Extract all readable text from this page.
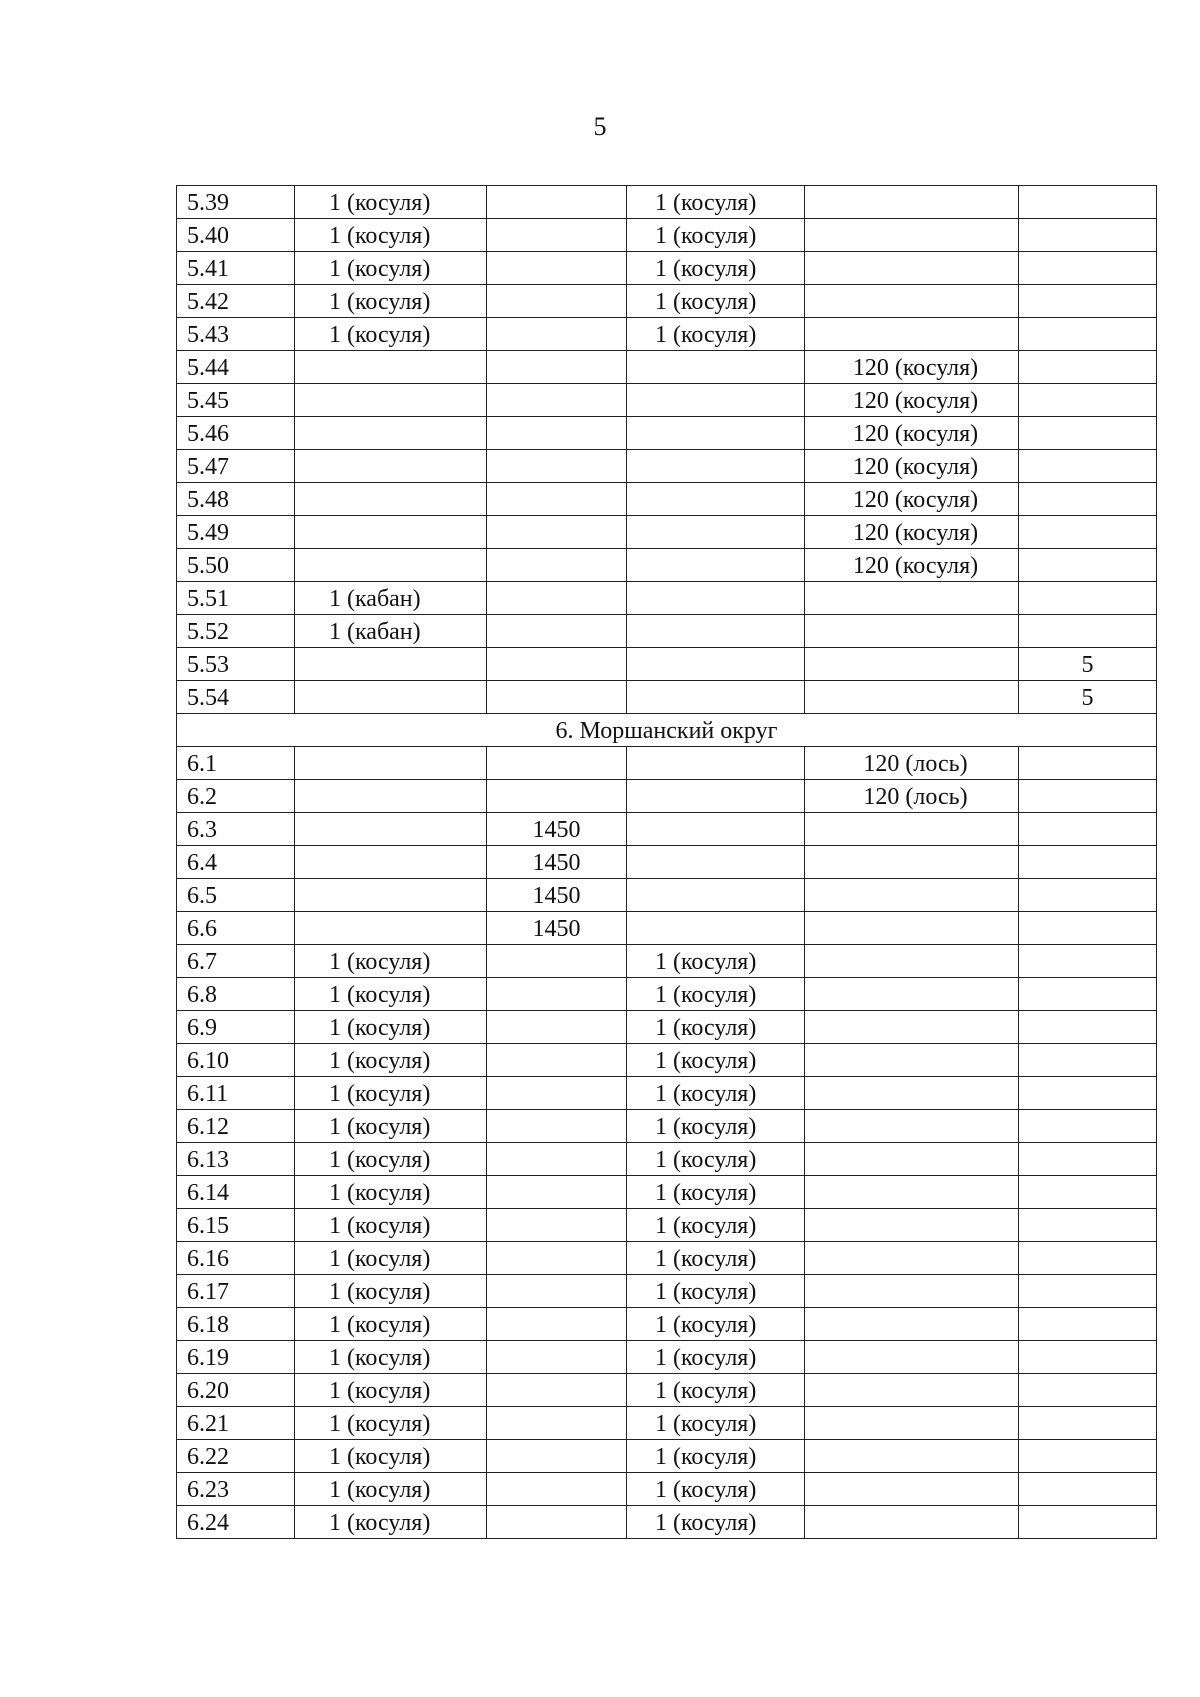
5
5.39	1 (косуля)		1 (косуля)		
5.40	1 (косуля)		1 (косуля)		
5.41	1 (косуля)		1 (косуля)		
5.42	1 (косуля)		1 (косуля)		
5.43	1 (косуля)		1 (косуля)		
5.44				120 (косуля)	
5.45				120 (косуля)	
5.46				120 (косуля)	
5.47				120 (косуля)	
5.48				120 (косуля)	
5.49				120 (косуля)	
5.50				120 (косуля)	
5.51	1 (кабан)				
5.52	1 (кабан)				
5.53					5
5.54					5
6. Моршанский округ					
6.1				120 (лось)	
6.2				120 (лось)	
6.3		1450			
6.4		1450			
6.5		1450			
6.6		1450			
6.7	1 (косуля)		1 (косуля)		
6.8	1 (косуля)		1 (косуля)		
6.9	1 (косуля)		1 (косуля)		
6.10	1 (косуля)		1 (косуля)		
6.11	1 (косуля)		1 (косуля)		
6.12	1 (косуля)		1 (косуля)		
6.13	1 (косуля)		1 (косуля)		
6.14	1 (косуля)		1 (косуля)		
6.15	1 (косуля)		1 (косуля)		
6.16	1 (косуля)		1 (косуля)		
6.17	1 (косуля)		1 (косуля)		
6.18	1 (косуля)		1 (косуля)		
6.19	1 (косуля)		1 (косуля)		
6.20	1 (косуля)		1 (косуля)		
6.21	1 (косуля)		1 (косуля)		
6.22	1 (косуля)		1 (косуля)		
6.23	1 (косуля)		1 (косуля)		
6.24	1 (косуля)		1 (косуля)		
